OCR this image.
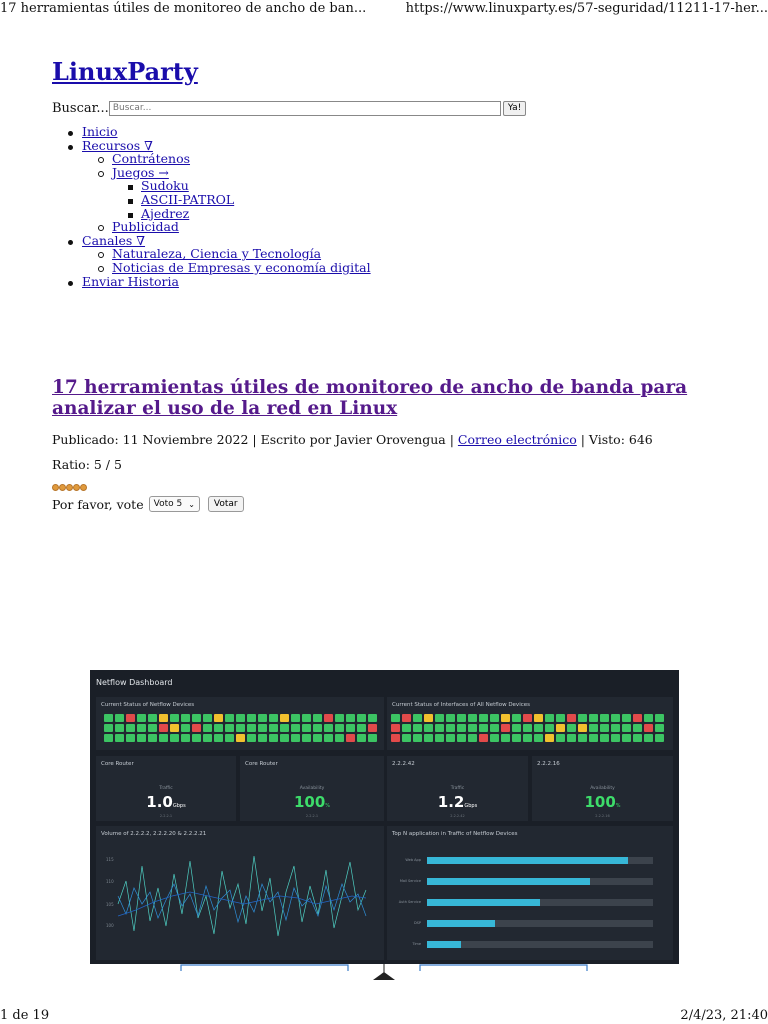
17 herramientas útiles de monitoreo de ancho de ban...	https://www.linuxparty.es/57-seguridad/11211-17-her...
LinuxParty
Buscar...
Buscar...	Ya!
Inicio
Recursos ∇
Contrátenos
Juegos →
Sudoku
ASCII-PATROL
Ajedrez
Publicidad
Canales ∇
Naturaleza, Ciencia y Tecnología
Noticias de Empresas y economía digital
Enviar Historia
17 herramientas útiles de monitoreo de ancho de banda para analizar el uso de la red en Linux
Publicado: 11 Noviembre 2022 | Escrito por Javier Orovengua | Correo electrónico | Visto: 646
Ratio: 5 / 5
Por favor, vote Voto 5 ⌄	Votar
Netflow Dashboard
Current Status of Netflow Devices	Current Status of Interfaces of All Netflow Devices
Core Router
Traffic
1.0Gbps
2.2.2.1
Core Router
Availability
100%
2.2.2.1
2.2.2.42
Traffic
1.2Gbps
2.2.2.42
2.2.2.16
Availability
100%
2.2.2.16
Volume of 2.2.2.2, 2.2.2.20 & 2.2.2.21
115
110
105
100
Top N application in Traffic of Netflow Devices
Web App
Mail Service
Auth Service
DSP
Time
1 de 19	2/4/23, 21:40
